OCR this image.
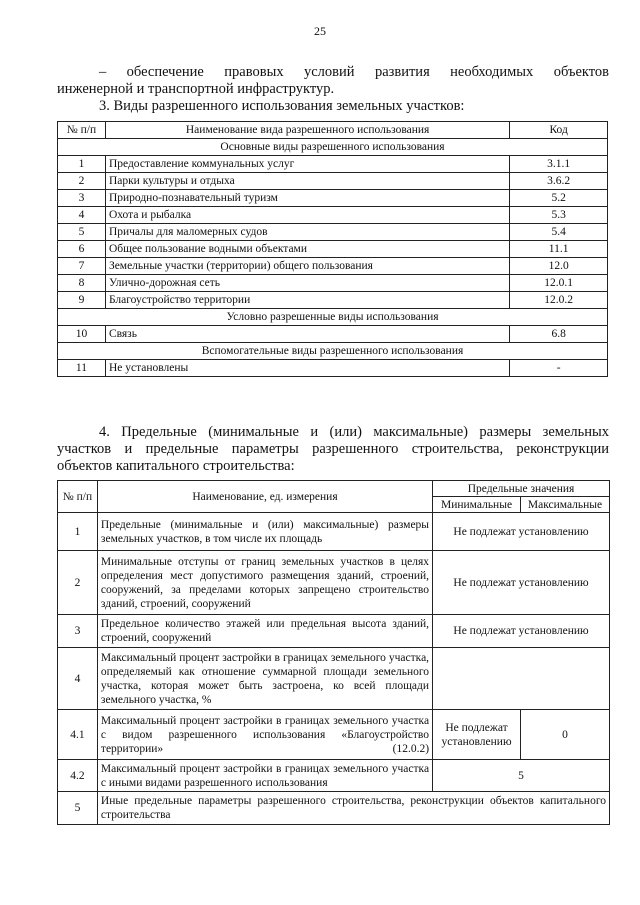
25
– обеспечение правовых условий развития необходимых объектов
инженерной и транспортной инфраструктур.
3. Виды разрешенного использования земельных участков:
№ п/п	Наименование вида разрешенного использования	Код
Основные виды разрешенного использования		
1	Предоставление коммунальных услуг	3.1.1
2	Парки культуры и отдыха	3.6.2
3	Природно-познавательный туризм	5.2
4	Охота и рыбалка	5.3
5	Причалы для маломерных судов	5.4
6	Общее пользование водными объектами	11.1
7	Земельные участки (территории) общего пользования	12.0
8	Улично-дорожная сеть	12.0.1
9	Благоустройство территории	12.0.2
Условно разрешенные виды использования		
10	Связь	6.8
Вспомогательные виды разрешенного использования		
11	Не установлены	-
4. Предельные (минимальные и (или) максимальные) размеры земельных
участков и предельные параметры разрешенного строительства, реконструкции
объектов капитального строительства:
№ п/п	Наименование, ед. измерения	Предельные значения	
		Минимальные	Максимальные
1	Предельные (минимальные и (или) максимальные) размеры земельных участков, в том числе их площадь	Не подлежат установлению	
2	Минимальные отступы от границ земельных участков в целях определения мест допустимого размещения зданий, строений, сооружений, за пределами которых запрещено строительство зданий, строений, сооружений	Не подлежат установлению	
3	Предельное количество этажей или предельная высота зданий, строений, сооружений	Не подлежат установлению	
4	Максимальный процент застройки в границах земельного участка, определяемый как отношение суммарной площади земельного участка, которая может быть застроена, ко всей площади земельного участка, %		
4.1	Максимальный процент застройки в границах земельного участка с видом разрешенного использования «Благоустройство территории» (12.0.2)	Не подлежат установлению	0
4.2	Максимальный процент застройки в границах земельного участка с иными видами разрешенного использования	5	
5	Иные предельные параметры разрешенного строительства, реконструкции объектов капитального строительства		
